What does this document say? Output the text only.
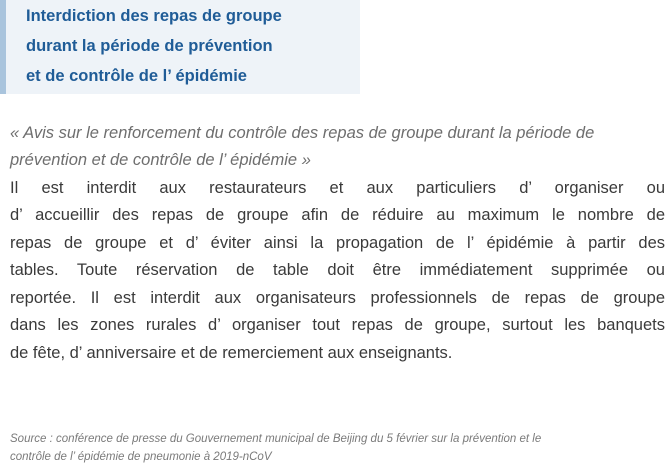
Interdiction des repas de groupe
durant la période de prévention
et de contrôle de l’ épidémie
« Avis sur le renforcement du contrôle des repas de groupe durant la période de
prévention et de contrôle de l’ épidémie »
Il est interdit aux restaurateurs et aux particuliers d’ organiser ou
d’ accueillir des repas de groupe afin de réduire au maximum le nombre de
repas de groupe et d’ éviter ainsi la propagation de l’ épidémie à partir des
tables. Toute réservation de table doit être immédiatement supprimée ou
reportée. Il est interdit aux organisateurs professionnels de repas de groupe
dans les zones rurales d’ organiser tout repas de groupe, surtout les banquets
de fête, d’ anniversaire et de remerciement aux enseignants.
Source : conférence de presse du Gouvernement municipal de Beijing du 5 février sur la prévention et le
contrôle de l’ épidémie de pneumonie à 2019-nCoV
